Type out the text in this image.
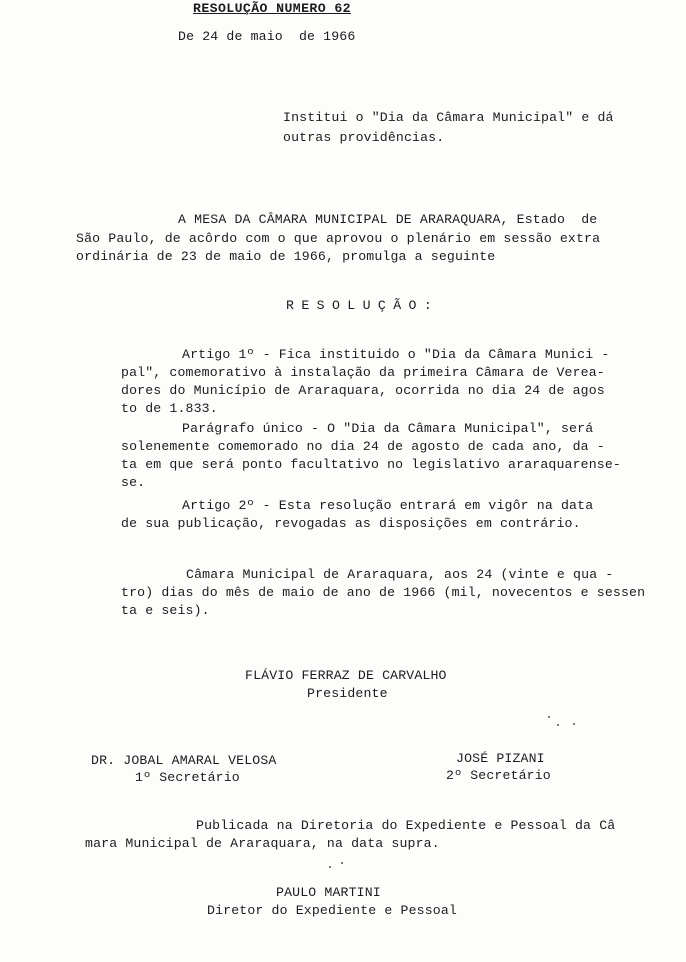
RESOLUÇÃO NUMERO 62
De 24 de maio  de 1966
Institui o "Dia da Câmara Municipal" e dá
outras providências.
A MESA DA CÂMARA MUNICIPAL DE ARARAQUARA, Estado  de
São Paulo, de acôrdo com o que aprovou o plenário em sessão extra
ordinária de 23 de maio de 1966, promulga a seguinte
RESOLUÇÃO:
Artigo 1º - Fica instituido o "Dia da Câmara Munici -
pal", comemorativo à instalação da primeira Câmara de Verea-
dores do Município de Araraquara, ocorrida no dia 24 de agos
to de 1.833.
Parágrafo único - O "Dia da Câmara Municipal", será
solenemente comemorado no dia 24 de agosto de cada ano, da -
ta em que será ponto facultativo no legislativo araraquarense-
se.
Artigo 2º - Esta resolução entrará em vigôr na data
de sua publicação, revogadas as disposições em contrário.
Câmara Municipal de Araraquara, aos 24 (vinte e qua -
tro) dias do mês de maio de ano de 1966 (mil, novecentos e sessen
ta e seis).
FLÁVIO FERRAZ DE CARVALHO
Presidente
DR. JOBAL AMARAL VELOSA
1º Secretário
JOSÉ PIZANI
2º Secretário
Publicada na Diretoria do Expediente e Pessoal da Câ
mara Municipal de Araraquara, na data supra.
PAULO MARTINI
Diretor do Expediente e Pessoal
